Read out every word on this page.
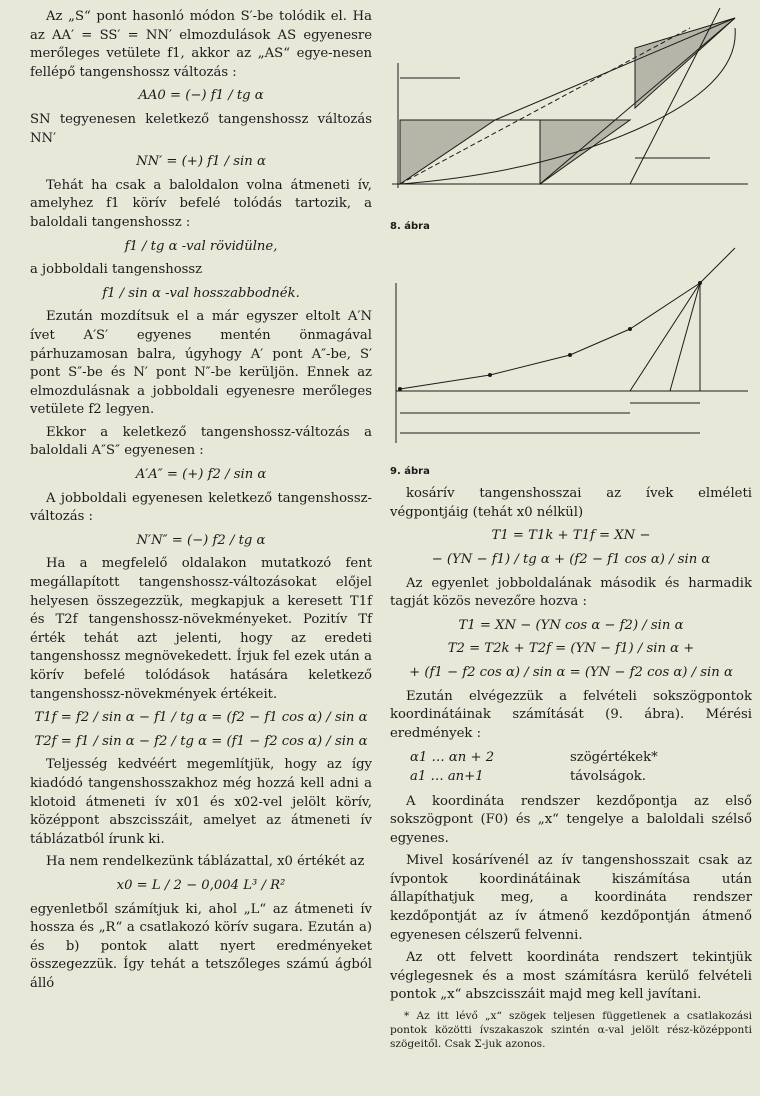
Az „S“ pont hasonló módon S′-be tolódik el. Ha az AA′ = SS′ = NN′ elmozdulások AS egyenesre merőleges vetülete f1, akkor az „AS“ egye-nesen fellépő tangenshossz változás :

AA0 = (−) f1 / tg α

SN tegyenesen keletkező tangenshossz változás NN′

NN′ = (+) f1 / sin α

Tehát ha csak a baloldalon volna átmeneti ív, amelyhez f1 körív befelé tolódás tartozik, a baloldali tangenshossz :

f1 / tg α -val rövidülne,

a jobboldali tangenshossz

f1 / sin α -val hosszabbodnék.

Ezután mozdítsuk el a már egyszer eltolt A′N ívet A′S′ egyenes mentén önmagával párhuzamosan balra, úgyhogy A′ pont A″-be, S′ pont S″-be és N′ pont N″-be kerüljön. Ennek az elmozdulásnak a jobboldali egyenesre merőleges vetülete f2 legyen.

Ekkor a keletkező tangenshossz-változás a baloldali A″S″ egyenesen :

A′A″ = (+) f2 / sin α

A jobboldali egyenesen keletkező tangenshossz-változás :

N′N″ = (−) f2 / tg α

Ha a megfelelő oldalakon mutatkozó fent megállapított tangenshossz-változásokat előjel helyesen összegezzük, megkapjuk a keresett T1f és T2f tangenshossz-növekményeket. Pozitív Tf érték tehát azt jelenti, hogy az eredeti tangenshossz megnövekedett. Írjuk fel ezek után a körív befelé tolódások hatására keletkező tangenshossz-növekmények értékeit.

T1f = f2 / sin α − f1 / tg α = (f2 − f1 cos α) / sin α
T2f = f1 / sin α − f2 / tg α = (f1 − f2 cos α) / sin α

Teljesség kedvéért megemlítjük, hogy az így kiadódó tangenshosszakhoz még hozzá kell adni a klotoid átmeneti ív x01 és x02-vel jelölt körív, középpont abszcisszáit, amelyet az átmeneti ív táblázatból írunk ki.

Ha nem rendelkezünk táblázattal, x0 értékét az

x0 = L / 2 − 0,004 L³ / R²

egyenletből számítjuk ki, ahol „L“ az átmeneti ív hossza és „R“ a csatlakozó körív sugara. Ezután a) és b) pontok alatt nyert eredményeket összegezzük. Így tehát a tetszőleges számú ágból álló

8. ábra
9. ábra

kosárív tangenshosszai az ívek elméleti végpontjáig (tehát x0 nélkül)

T1 = T1k + T1f = XN −
− (YN − f1) / tg α + (f2 − f1 cos α) / sin α

Az egyenlet jobboldalának második és harmadik tagját közös nevezőre hozva :

T1 = XN − (YN cos α − f2) / sin α
T2 = T2k + T2f = (YN − f1) / sin α +
+ (f1 − f2 cos α) / sin α = (YN − f2 cos α) / sin α

Ezután elvégezzük a felvételi sokszögpontok koordinátáinak számítását (9. ábra). Mérési eredmények :

α1 … αn + 2	szögértékek*
a1 … an+1	távolságok.

A koordináta rendszer kezdőpontja az első sokszögpont (F0) és „x“ tengelye a baloldali szélső egyenes.

Mivel kosárívenél az ív tangenshosszait csak az ívpontok koordinátáinak kiszámítása után állapíthatjuk meg, a koordináta rendszer kezdőpontját az ív átmenő kezdőpontján átmenő egyenesen célszerű felvenni.

Az ott felvett koordináta rendszert tekintjük véglegesnek és a most számításra kerülő felvételi pontok „x“ abszcisszáit majd meg kell javítani.

* Az itt lévő „x“ szögek teljesen függetlenek a csatlakozási pontok közötti ívszakaszok szintén α-val jelölt rész-középponti szögeitől. Csak Σ-juk azonos.
